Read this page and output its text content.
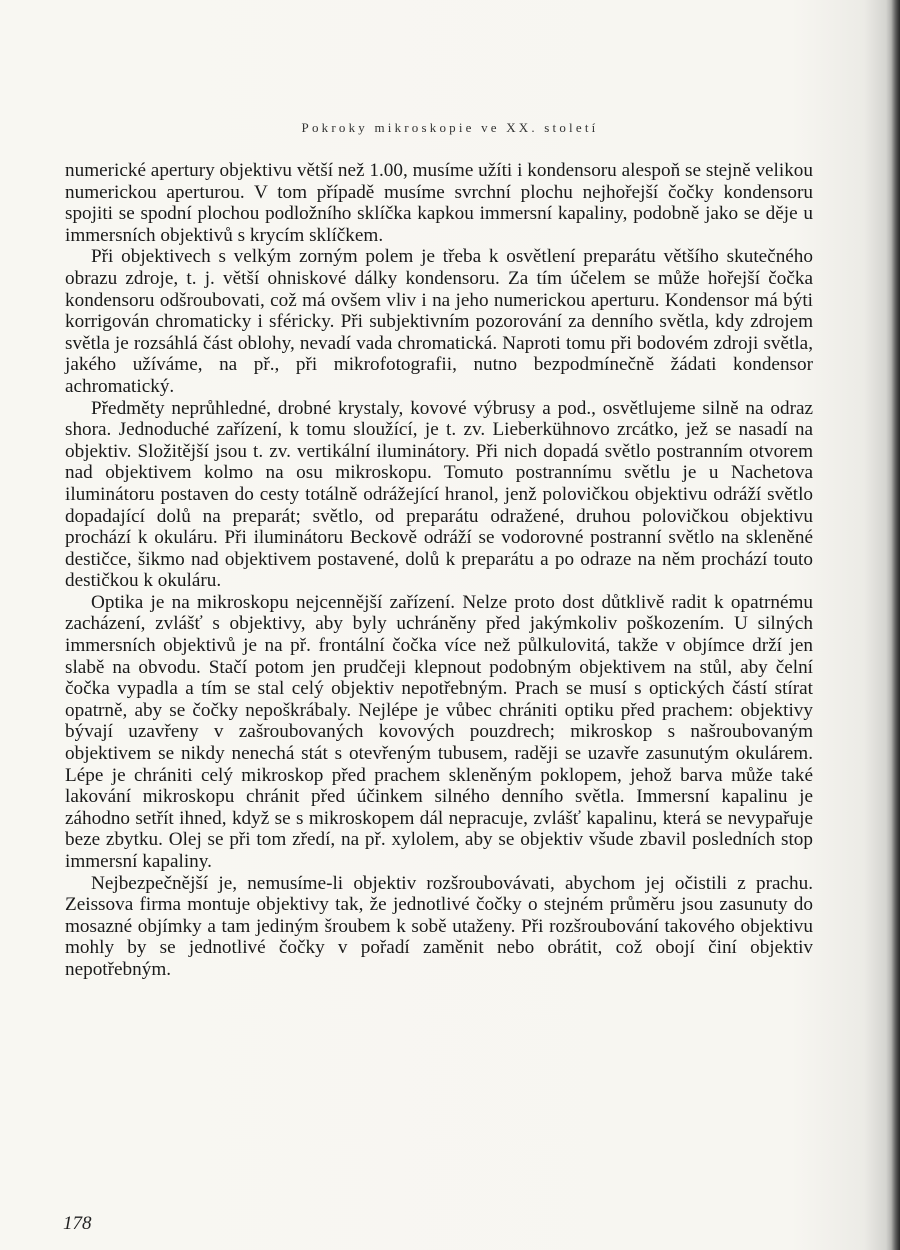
Pokroky mikroskopie ve XX. století

numerické apertury objektivu větší než 1.00, musíme užíti i kondensoru alespoň se stejně velikou numerickou aperturou. V tom případě musíme svrchní plochu nejhořejší čočky kondensoru spojiti se spodní plochou podložního sklíčka kapkou immersní kapaliny, podobně jako se děje u immersních objektivů s krycím sklíčkem.

Při objektivech s velkým zorným polem je třeba k osvětlení preparátu většího skutečného obrazu zdroje, t. j. větší ohniskové dálky kondensoru. Za tím účelem se může hořejší čočka kondensoru odšroubovati, což má ovšem vliv i na jeho numerickou aperturu. Kondensor má býti korrigován chromaticky i sféricky. Při subjektivním pozorování za denního světla, kdy zdrojem světla je rozsáhlá část oblohy, nevadí vada chromatická. Naproti tomu při bodovém zdroji světla, jakého užíváme, na př., při mikrofotografii, nutno bezpodmínečně žádati kondensor achromatický.

Předměty neprůhledné, drobné krystaly, kovové výbrusy a pod., osvětlujeme silně na odraz shora. Jednoduché zařízení, k tomu sloužící, je t. zv. Lieberkühnovo zrcátko, jež se nasadí na objektiv. Složitější jsou t. zv. vertikální iluminátory. Při nich dopadá světlo postranním otvorem nad objektivem kolmo na osu mikroskopu. Tomuto postrannímu světlu je u Nachetova iluminátoru postaven do cesty totálně odrážející hranol, jenž polovičkou objektivu odráží světlo dopadající dolů na preparát; světlo, od preparátu odražené, druhou polovičkou objektivu prochází k okuláru. Při iluminátoru Beckově odráží se vodorovné postranní světlo na skleněné destičce, šikmo nad objektivem postavené, dolů k preparátu a po odraze na něm prochází touto destičkou k okuláru.

Optika je na mikroskopu nejcennější zařízení. Nelze proto dost důtklivě radit k opatrnému zacházení, zvlášť s objektivy, aby byly uchráněny před jakýmkoliv poškozením. U silných immersních objektivů je na př. frontální čočka více než půlkulovitá, takže v objímce drží jen slabě na obvodu. Stačí potom jen prudčeji klepnout podobným objektivem na stůl, aby čelní čočka vypadla a tím se stal celý objektiv nepotřebným. Prach se musí s optických částí stírat opatrně, aby se čočky nepoškrábaly. Nejlépe je vůbec chrániti optiku před prachem: objektivy bývají uzavřeny v zašroubovaných kovových pouzdrech; mikroskop s našroubovaným objektivem se nikdy nenechá stát s otevřeným tubusem, raději se uzavře zasunutým okulárem. Lépe je chrániti celý mikroskop před prachem skleněným poklopem, jehož barva může také lakování mikroskopu chránit před účinkem silného denního světla. Immersní kapalinu je záhodno setřít ihned, když se s mikroskopem dál nepracuje, zvlášť kapalinu, která se nevypařuje beze zbytku. Olej se při tom zředí, na př. xylolem, aby se objektiv všude zbavil posledních stop immersní kapaliny.

Nejbezpečnější je, nemusíme-li objektiv rozšroubovávati, abychom jej očistili z prachu. Zeissova firma montuje objektivy tak, že jednotlivé čočky o stejném průměru jsou zasunuty do mosazné objímky a tam jediným šroubem k sobě utaženy. Při rozšroubování takového objektivu mohly by se jednotlivé čočky v pořadí zaměnit nebo obrátit, což obojí činí objektiv nepotřebným.

178
